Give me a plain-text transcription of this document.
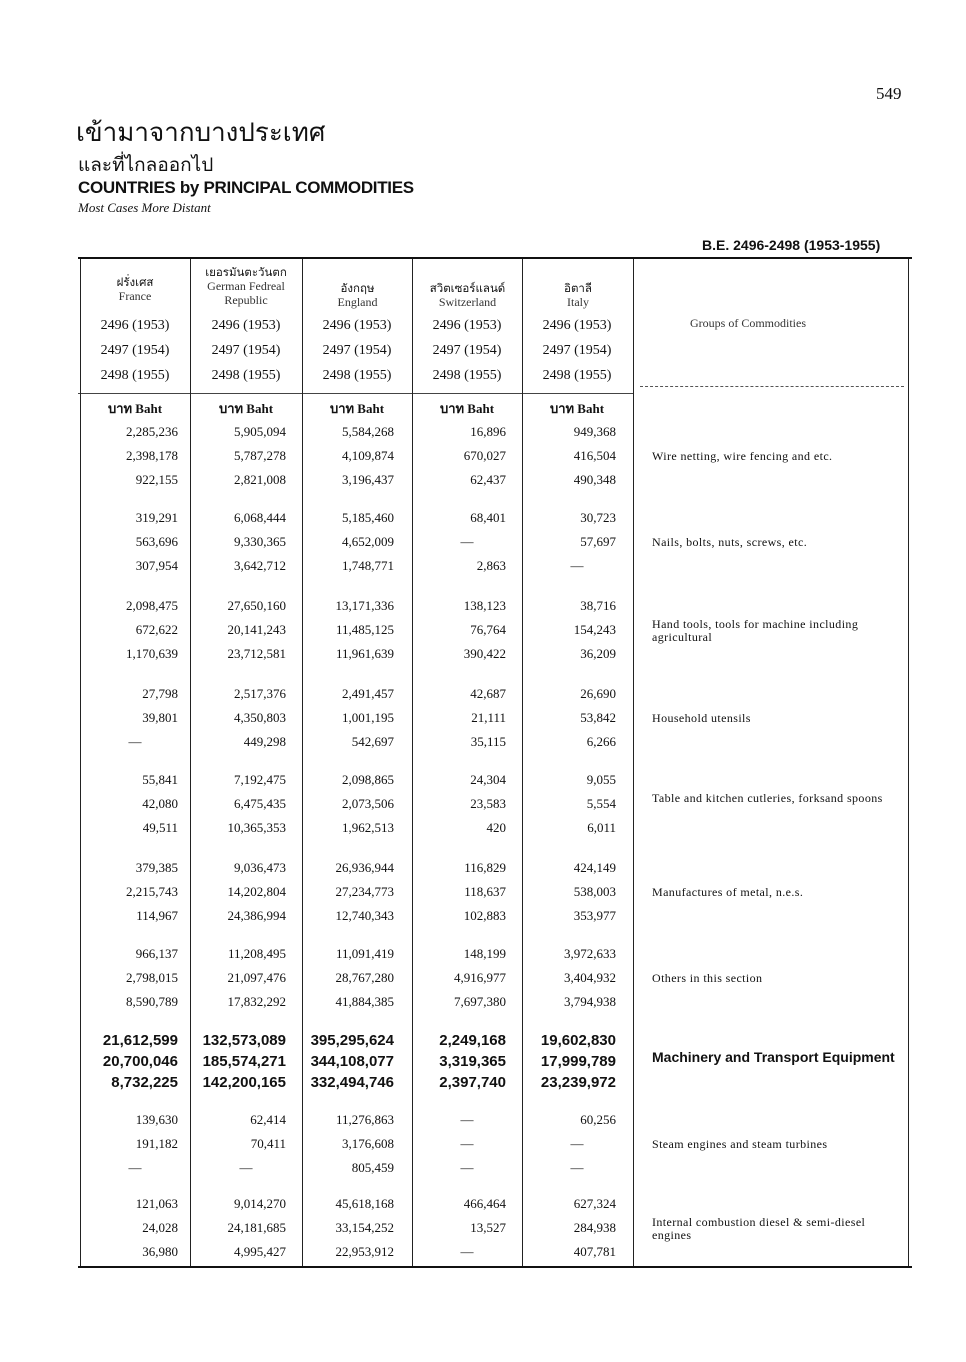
549
เข้ามาจากบางประเทศ
และที่ไกลออกไป
COUNTRIES by PRINCIPAL COMMODITIES
Most Cases More Distant
B.E. 2496-2498 (1953-1955)
ฝรั่งเศส
France
เยอรมันตะวันตก
German Fedreal
Republic
อังกฤษ
England
สวิตเซอร์แลนด์
Switzerland
อิตาลี
Italy
Groups of Commodities
2496 (1953)	2496 (1953)	2496 (1953)	2496 (1953)	2496 (1953)
2497 (1954)	2497 (1954)	2497 (1954)	2497 (1954)	2497 (1954)
2498 (1955)	2498 (1955)	2498 (1955)	2498 (1955)	2498 (1955)
บาท Baht	บาท Baht	บาท Baht	บาท Baht	บาท Baht
2,285,236	5,905,094	5,584,268	16,896	949,368
2,398,178	5,787,278	4,109,874	670,027	416,504
922,155	2,821,008	3,196,437	62,437	490,348
Wire netting, wire fencing and etc.
319,291	6,068,444	5,185,460	68,401	30,723
563,696	9,330,365	4,652,009	—	57,697
307,954	3,642,712	1,748,771	2,863	—
Nails, bolts, nuts, screws, etc.
2,098,475	27,650,160	13,171,336	138,123	38,716
672,622	20,141,243	11,485,125	76,764	154,243
1,170,639	23,712,581	11,961,639	390,422	36,209
Hand tools, tools for machine including agricultural
27,798	2,517,376	2,491,457	42,687	26,690
39,801	4,350,803	1,001,195	21,111	53,842
—	449,298	542,697	35,115	6,266
Household utensils
55,841	7,192,475	2,098,865	24,304	9,055
42,080	6,475,435	2,073,506	23,583	5,554
49,511	10,365,353	1,962,513	420	6,011
Table and kitchen cutleries, forksand spoons
379,385	9,036,473	26,936,944	116,829	424,149
2,215,743	14,202,804	27,234,773	118,637	538,003
114,967	24,386,994	12,740,343	102,883	353,977
Manufactures of metal, n.e.s.
966,137	11,208,495	11,091,419	148,199	3,972,633
2,798,015	21,097,476	28,767,280	4,916,977	3,404,932
8,590,789	17,832,292	41,884,385	7,697,380	3,794,938
Others in this section
21,612,599	132,573,089	395,295,624	2,249,168	19,602,830
20,700,046	185,574,271	344,108,077	3,319,365	17,999,789
8,732,225	142,200,165	332,494,746	2,397,740	23,239,972
Machinery and Transport Equipment
139,630	62,414	11,276,863	—	60,256
191,182	70,411	3,176,608	—	—
—	—	805,459	—	—
Steam engines and steam turbines
121,063	9,014,270	45,618,168	466,464	627,324
24,028	24,181,685	33,154,252	13,527	284,938
36,980	4,995,427	22,953,912	—	407,781
Internal combustion diesel & semi-diesel engines
